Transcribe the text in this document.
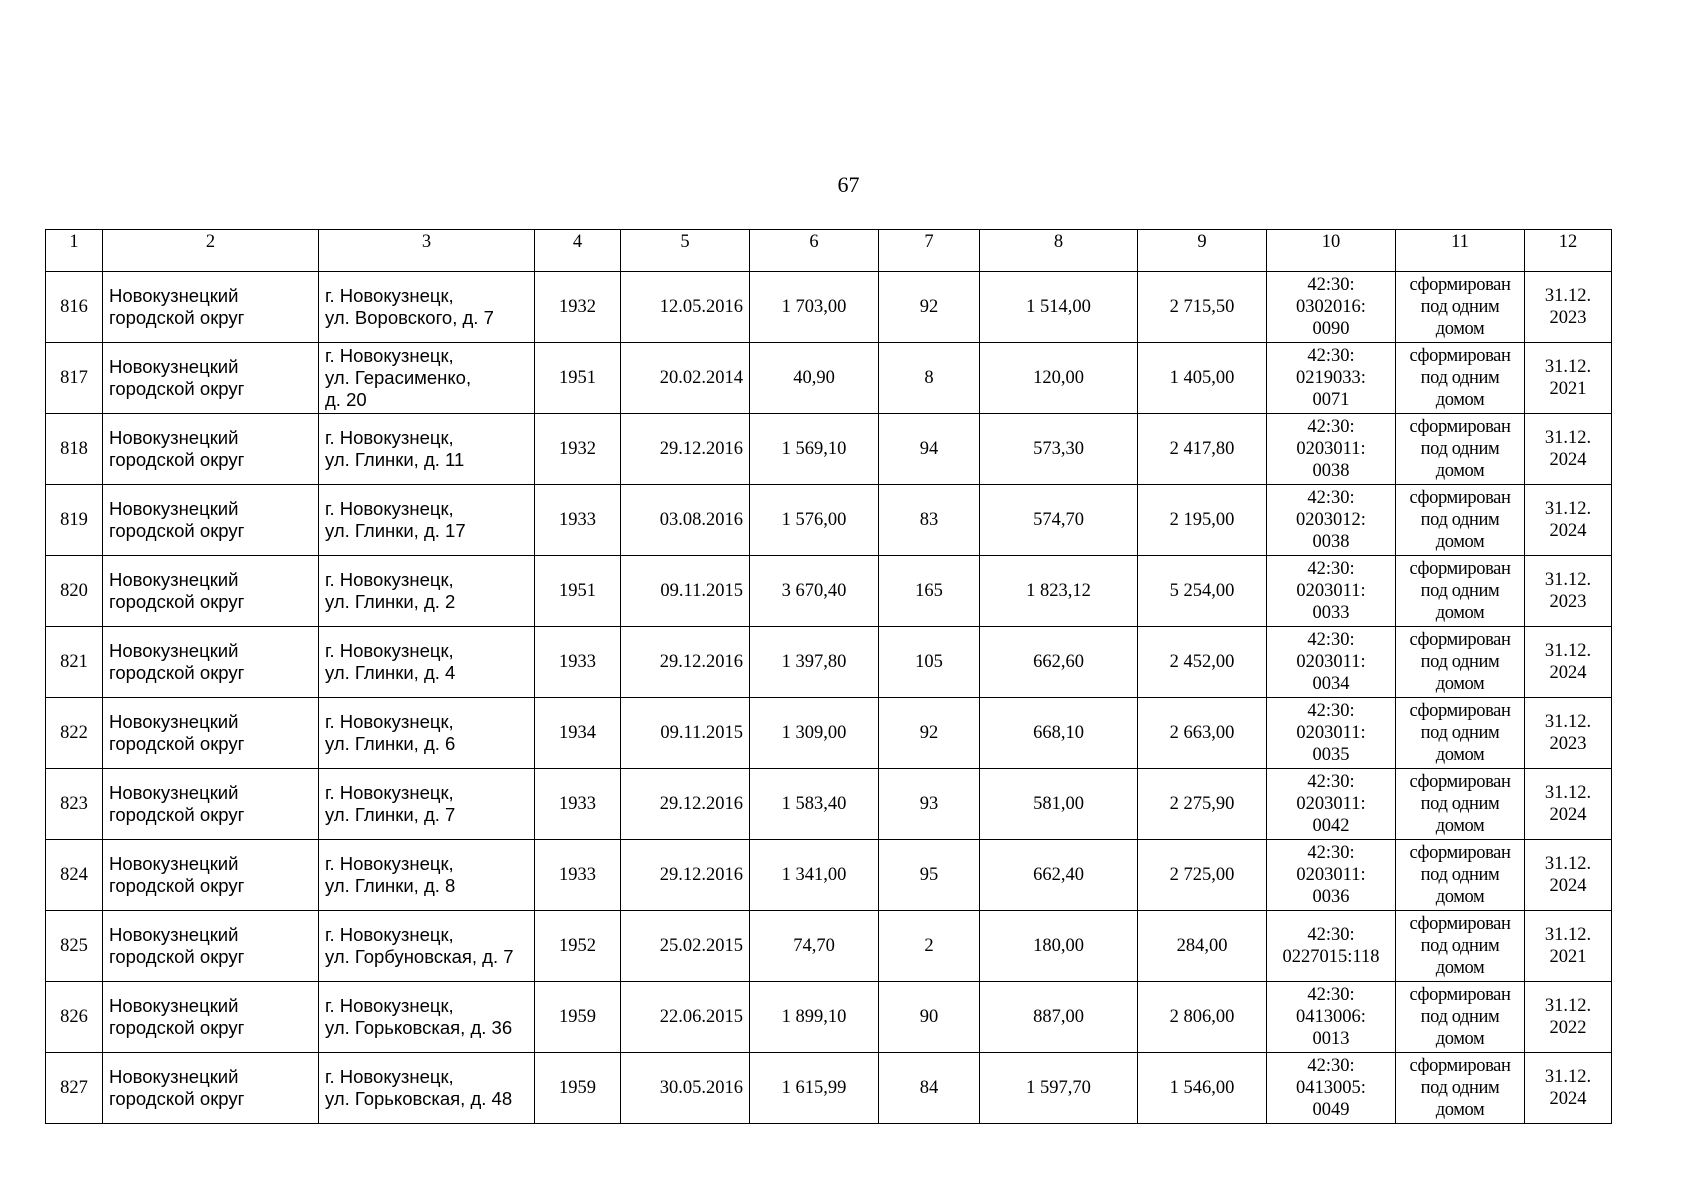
67
1	2	3	4	5	6	7	8	9	10	11	12
816	Новокузнецкий городской округ	г. Новокузнецк,
ул. Воровского, д. 7	1932	12.05.2016	1 703,00	92	1 514,00	2 715,50	42:30:
0302016:
0090	сформирован
под одним
домом	31.12.
2023

817	Новокузнецкий городской округ	г. Новокузнецк,
ул. Герасименко,
д. 20	1951	20.02.2014	40,90	8	120,00	1 405,00	42:30:
0219033:
0071	сформирован
под одним
домом	31.12.
2021

818	Новокузнецкий городской округ	г. Новокузнецк,
ул. Глинки, д. 11	1932	29.12.2016	1 569,10	94	573,30	2 417,80	42:30:
0203011:
0038	сформирован
под одним
домом	31.12.
2024

819	Новокузнецкий городской округ	г. Новокузнецк,
ул. Глинки, д. 17	1933	03.08.2016	1 576,00	83	574,70	2 195,00	42:30:
0203012:
0038	сформирован
под одним
домом	31.12.
2024

820	Новокузнецкий городской округ	г. Новокузнецк,
ул. Глинки, д. 2	1951	09.11.2015	3 670,40	165	1 823,12	5 254,00	42:30:
0203011:
0033	сформирован
под одним
домом	31.12.
2023

821	Новокузнецкий городской округ	г. Новокузнецк,
ул. Глинки, д. 4	1933	29.12.2016	1 397,80	105	662,60	2 452,00	42:30:
0203011:
0034	сформирован
под одним
домом	31.12.
2024

822	Новокузнецкий городской округ	г. Новокузнецк,
ул. Глинки, д. 6	1934	09.11.2015	1 309,00	92	668,10	2 663,00	42:30:
0203011:
0035	сформирован
под одним
домом	31.12.
2023

823	Новокузнецкий городской округ	г. Новокузнецк,
ул. Глинки, д. 7	1933	29.12.2016	1 583,40	93	581,00	2 275,90	42:30:
0203011:
0042	сформирован
под одним
домом	31.12.
2024

824	Новокузнецкий городской округ	г. Новокузнецк,
ул. Глинки, д. 8	1933	29.12.2016	1 341,00	95	662,40	2 725,00	42:30:
0203011:
0036	сформирован
под одним
домом	31.12.
2024

825	Новокузнецкий городской округ	г. Новокузнецк,
ул. Горбуновская, д. 7	1952	25.02.2015	74,70	2	180,00	284,00	42:30:
0227015:118	сформирован
под одним
домом	31.12.
2021

826	Новокузнецкий городской округ	г. Новокузнецк,
ул. Горьковская, д. 36	1959	22.06.2015	1 899,10	90	887,00	2 806,00	42:30:
0413006:
0013	сформирован
под одним
домом	31.12.
2022

827	Новокузнецкий городской округ	г. Новокузнецк,
ул. Горьковская, д. 48	1959	30.05.2016	1 615,99	84	1 597,70	1 546,00	42:30:
0413005:
0049	сформирован
под одним
домом	31.12.
2024
